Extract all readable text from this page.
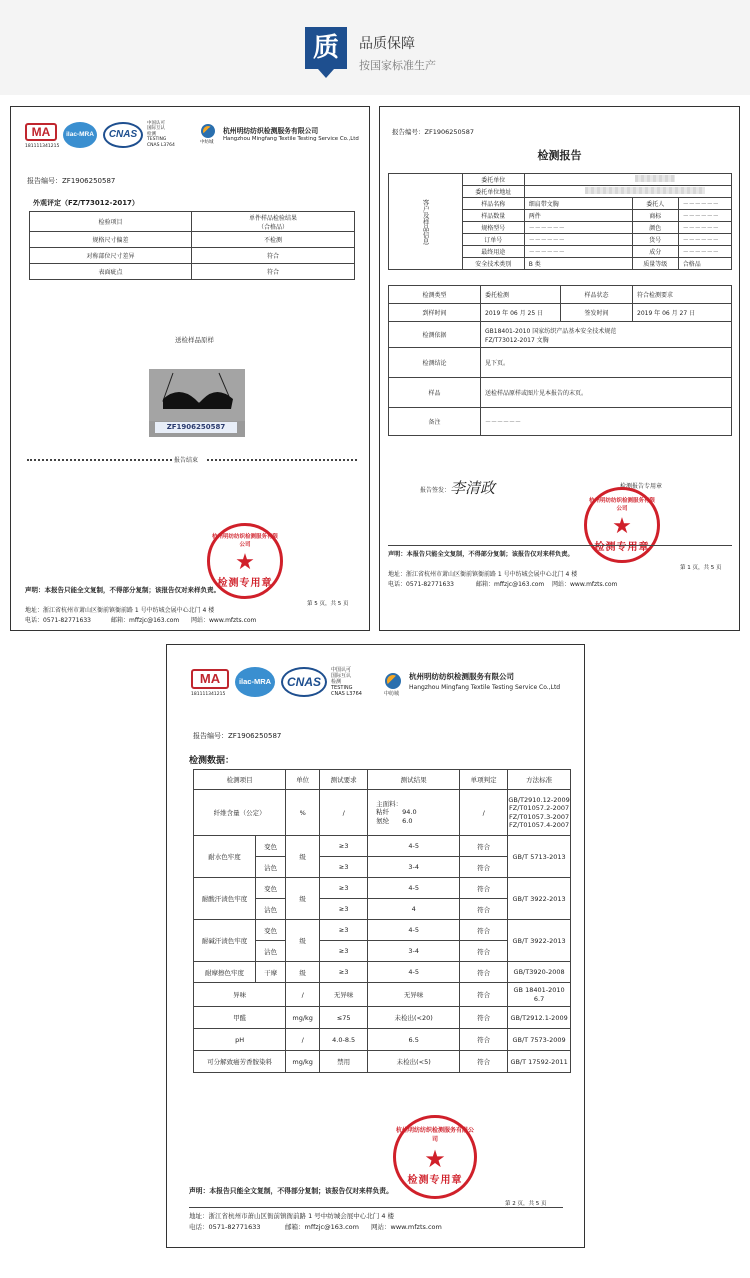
质	品质保障
按国家标准生产
MA
181111341215
ilac-MRA	CNAS
中国认可
国际互认
检测
TESTING
CNAS L3764
中纺城
杭州明纺纺织检测服务有限公司
Hangzhou Mingfang Textile Testing Service Co.,Ltd
报告编号：ZF1906250587
外观评定（FZ/T73012-2017）
检验项目	单件样品检验结果
（合格品）
规格尺寸偏差	不检测
对称部位尺寸差异	符合
表面疵点	符合
送检样品原样
ZF1906250587
报告结束
杭州明纺纺织检测服务有限公司
★
检测专用章
声明：本报告只能全文复制，不得部分复制；该报告仅对来样负责。
第 5 页，共 5 页
地址：浙江省杭州市萧山区衙前镇衙前路 1 号中纺城会展中心北门 4 楼
电话：0571-82771633	邮箱：mffzjc@163.com 网站：www.mfzts.com
报告编号：ZF1906250587
检测报告
客户及样品信息	委托单位			
	委托单位地址			
	样品名称	细肩带文胸	委托人	－－－－－－
	样品数量	两件	商标	－－－－－－
	规格型号	－－－－－－	颜色	－－－－－－
	订单号	－－－－－－	货号	－－－－－－
	最终用途	－－－－－－	成分	－－－－－－
	安全技术类别	B 类	质量等级	合格品
检测类型	委托检测	样品状态	符合检测要求
到样时间	2019 年 06 月 25 日	签发时间	2019 年 06 月 27 日
检测依据	GB18401-2010 国家纺织产品基本安全技术规范
FZ/T73012-2017 文胸		
检测结论	见下页。		
样品	送检样品原样或图片见本报告的末页。		
备注	－－－－－－		
报告签发： 李清政	检测报告专用章
杭州明纺纺织检测服务有限公司
★
检测专用章
声明：本报告只能全文复制，不得部分复制；该报告仅对来样负责。
第 1 页，共 5 页
地址：浙江省杭州市萧山区衙前镇衙前路 1 号中纺城会展中心北门 4 楼
电话：0571-82771633	邮箱：mffzjc@163.com 网站：www.mfzts.com
MA
181111341215
ilac-MRA	CNAS
中国认可
国际互认
检测
TESTING
CNAS L3764	中纺城
杭州明纺纺织检测服务有限公司
Hangzhou Mingfang Textile Testing Service Co.,Ltd
报告编号：ZF1906250587
检测数据：
检测项目		单位	测试要求	测试结果	单项判定	方法标准
纤维含量（公定）		%	/	主面料：
粘纤　　94.0
氨纶　　6.0	/	GB/T2910.12-2009
FZ/T01057.2-2007
FZ/T01057.3-2007
FZ/T01057.4-2007
耐水色牢度	变色	级	≥3	4-5	符合	GB/T 5713-2013
	沾色		≥3	3-4	符合	
耐酸汗渍色牢度	变色	级	≥3	4-5	符合	GB/T 3922-2013
	沾色		≥3	4	符合	
耐碱汗渍色牢度	变色	级	≥3	4-5	符合	GB/T 3922-2013
	沾色		≥3	3-4	符合	
耐摩擦色牢度	干摩	级	≥3	4-5	符合	GB/T3920-2008
异味		/	无异味	无异味	符合	GB 18401-2010
6.7
甲醛		mg/kg	≤75	未检出(<20)	符合	GB/T2912.1-2009
pH		/	4.0-8.5	6.5	符合	GB/T 7573-2009
可分解致癌芳香胺染料		mg/kg	禁用	未检出(<5)	符合	GB/T 17592-2011
杭州明纺纺织检测服务有限公司
★
检测专用章
声明：本报告只能全文复制，不得部分复制；该报告仅对来样负责。
第 2 页，共 5 页
地址：浙江省杭州市萧山区衙前镇衙前路 1 号中纺城会展中心北门 4 楼
电话：0571-82771633	邮箱：mffzjc@163.com 网站：www.mfzts.com
